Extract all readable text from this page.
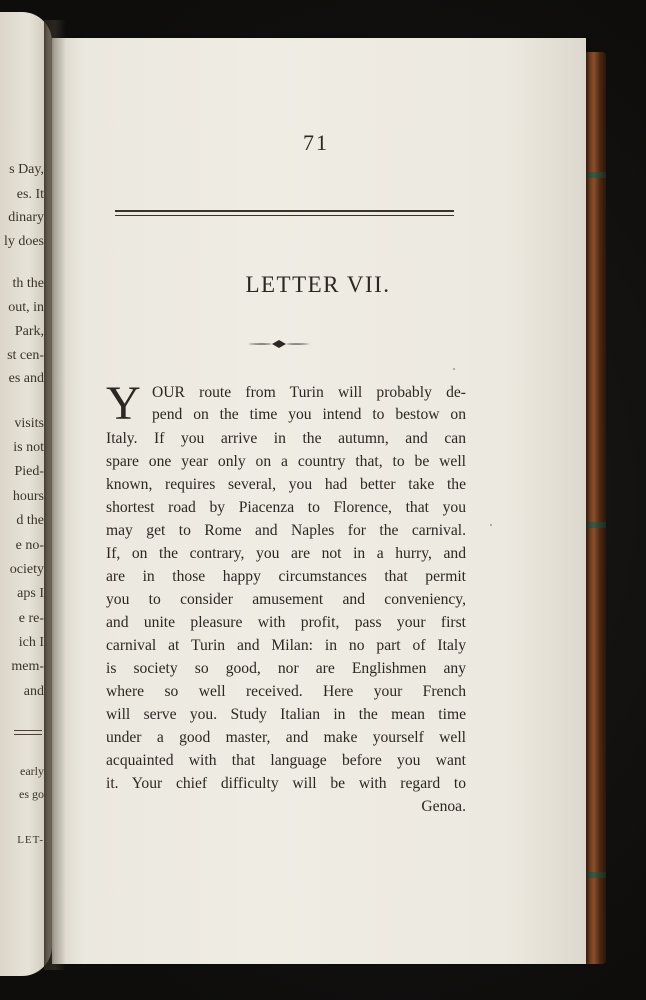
s Day,
es. It
dinary
ly does
th the
out, in
Park,
st cen-
es and
visits
is not
Pied-
hours
d the
e no-
ociety
aps I
e re-
ich I
mem-
and
early
es go
LET-
71
LETTER VII.
Y OUR route from Turin will probably de-
pend on the time you intend to bestow on
Italy. If you arrive in the autumn, and can
spare one year only on a country that, to be well
known, requires several, you had better take the
shortest road by Piacenza to Florence, that you
may get to Rome and Naples for the carnival.
If, on the contrary, you are not in a hurry, and
are in those happy circumstances that permit
you to consider amusement and conveniency,
and unite pleasure with profit, pass your first
carnival at Turin and Milan: in no part of Italy
is society so good, nor are Englishmen any
where so well received. Here your French
will serve you. Study Italian in the mean time
under a good master, and make yourself well
acquainted with that language before you want
it. Your chief difficulty will be with regard to
Genoa.
